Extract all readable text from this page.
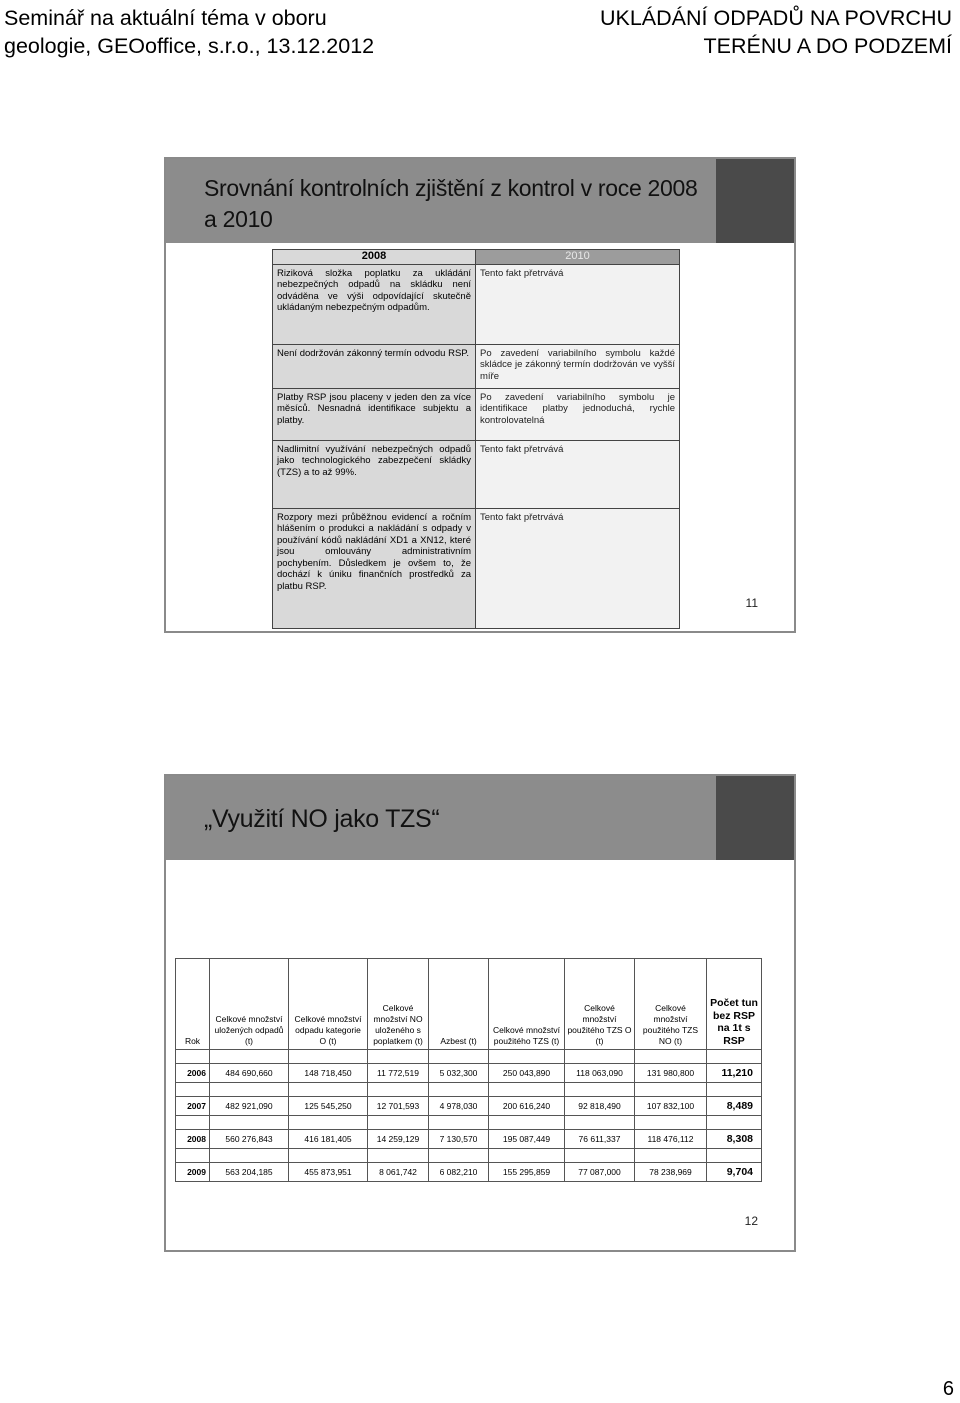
Seminář na aktuální téma v oboru
geologie, GEOoffice, s.r.o., 13.12.2012
UKLÁDÁNÍ ODPADŮ NA POVRCHU
TERÉNU A DO PODZEMÍ
Srovnání kontrolních zjištění z kontrol v roce 2008 a 2010
2008	2010
Riziková složka poplatku za ukládání nebezpečných odpadů na skládku není odváděna ve výši odpovídající skutečně ukládaným nebezpečným odpadům.	Tento fakt přetrvává
Není dodržován zákonný termín odvodu RSP.	Po zavedení variabilního symbolu každé skládce je zákonný termín dodržován ve vyšší míře
Platby RSP jsou placeny v jeden den za více měsíců. Nesnadná identifikace subjektu a platby.	Po zavedení variabilního symbolu je identifikace platby jednoduchá, rychle kontrolovatelná
Nadlimitní využívání nebezpečných odpadů jako technologického zabezpečení skládky (TZS) a to až 99%.	Tento fakt přetrvává
Rozpory mezi průběžnou evidencí a ročním hlášením o produkci a nakládání s odpady v používání kódů nakládání XD1 a XN12, které jsou omlouvány administrativním pochybením. Důsledkem je ovšem to, že dochází k úniku finančních prostředků za platbu RSP.	Tento fakt přetrvává
11
„Využití NO jako TZS“
Rok	Celkové množství uložených odpadů (t)	Celkové množství odpadu kategorie O (t)	Celkové množství NO uloženého s poplatkem (t)	Azbest (t)	Celkové množství použitého TZS (t)	Celkové množství použitého TZS O (t)	Celkové množství použitého TZS NO (t)	Počet tun bez RSP na 1t s RSP

2006	484 690,660	148 718,450	11 772,519	5 032,300	250 043,890	118 063,090	131 980,800	11,210

2007	482 921,090	125 545,250	12 701,593	4 978,030	200 616,240	92 818,490	107 832,100	8,489

2008	560 276,843	416 181,405	14 259,129	7 130,570	195 087,449	76 611,337	118 476,112	8,308

2009	563 204,185	455 873,951	8 061,742	6 082,210	155 295,859	77 087,000	78 238,969	9,704
12
6
